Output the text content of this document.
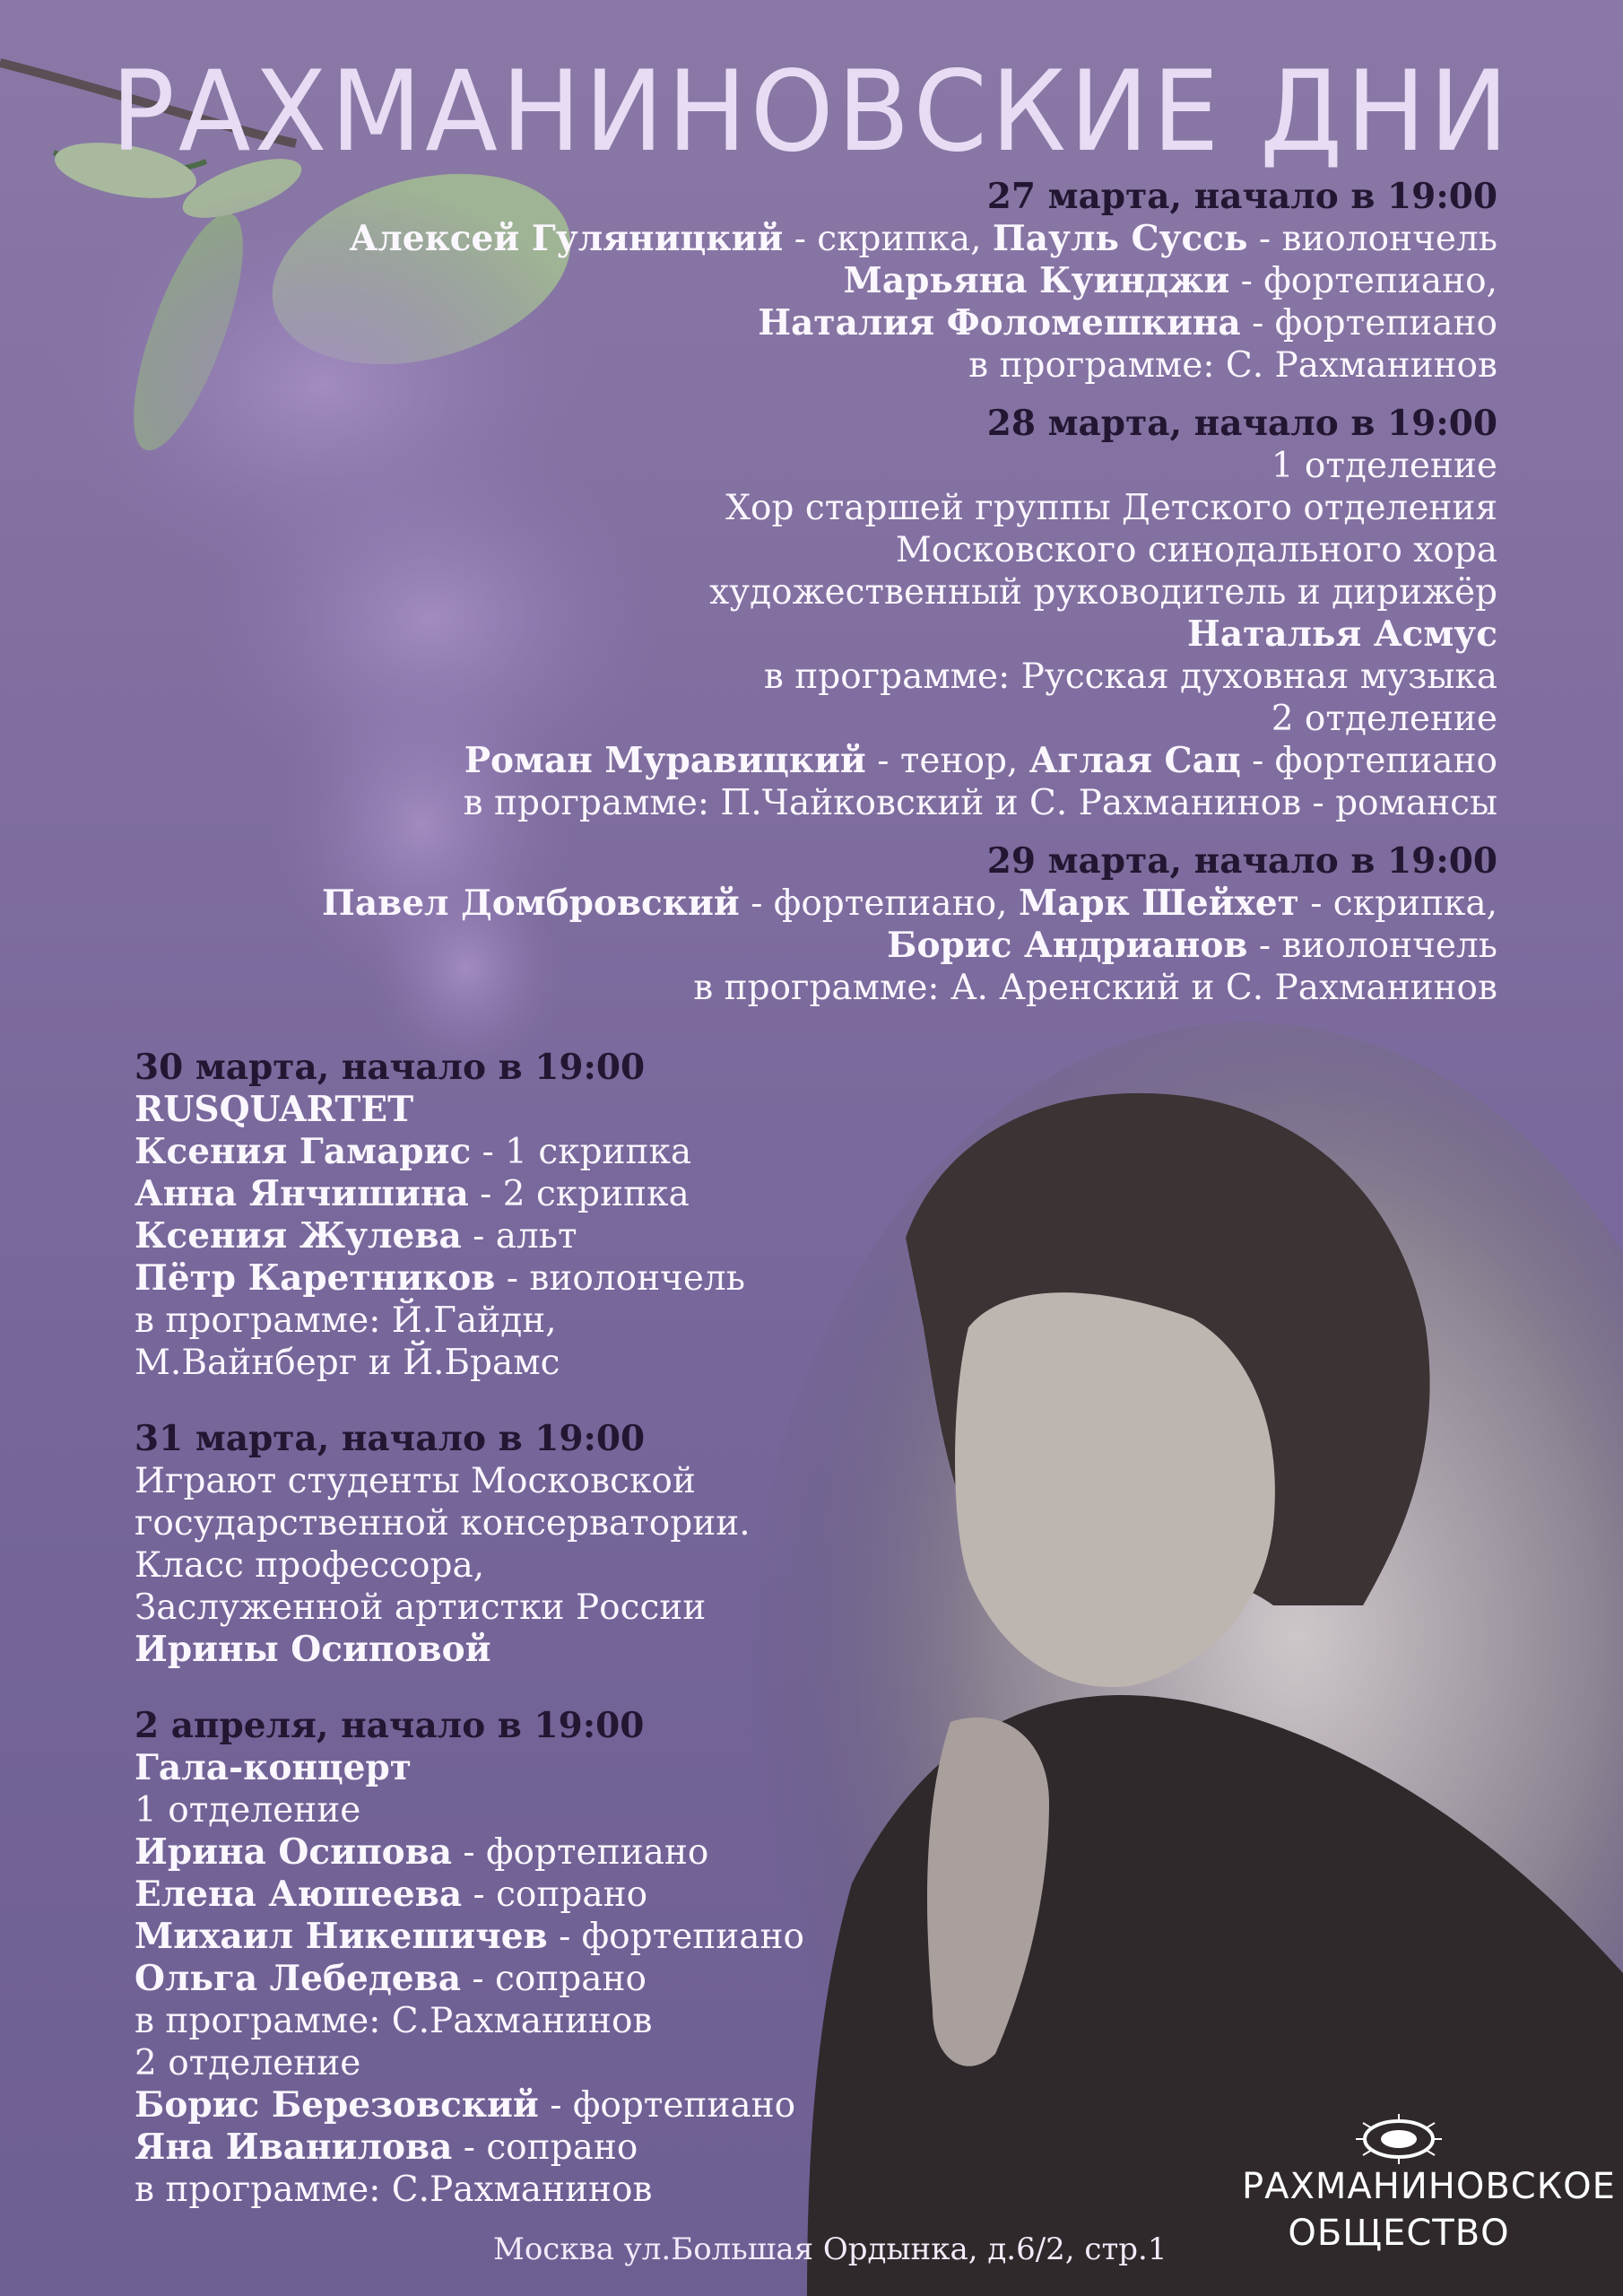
РАХМАНИНОВСКИЕ ДНИ
27 марта, начало в 19:00
Алексей Гуляницкий - скрипка, Пауль Суссь - виолончель
Марьяна Куинджи - фортепиано,
Наталия Фоломешкина - фортепиано
в программе: С. Рахманинов
28 марта, начало в 19:00
1 отделение
Хор старшей группы Детского отделения
Московского синодального хора
художественный руководитель и дирижёр
Наталья Асмус
в программе: Русская духовная музыка
2 отделение
Роман Муравицкий - тенор, Аглая Сац - фортепиано
в программе: П.Чайковский и С. Рахманинов - романсы
29 марта, начало в 19:00
Павел Домбровский - фортепиано, Марк Шейхет - скрипка,
Борис Андрианов - виолончель
в программе: А. Аренский и С. Рахманинов
30 марта, начало в 19:00
RUSQUARTET
Ксения Гамарис - 1 скрипка
Анна Янчишина - 2 скрипка
Ксения Жулева - альт
Пётр Каретников - виолончель
в программе: Й.Гайдн,
М.Вайнберг и Й.Брамс
31 марта, начало в 19:00
Играют студенты Московской
государственной консерватории.
Класс профессора,
Заслуженной артистки России
Ирины Осиповой
2 апреля, начало в 19:00
Гала-концерт
1 отделение
Ирина Осипова - фортепиано
Елена Аюшеева - сопрано
Михаил Никешичев - фортепиано
Ольга Лебедева - сопрано
в программе: С.Рахманинов
2 отделение
Борис Березовский - фортепиано
Яна Иванилова - сопрано
в программе: С.Рахманинов
Москва ул.Большая Ордынка, д.6/2, стр.1
РАХМАНИНОВСКОЕ
ОБЩЕСТВО
